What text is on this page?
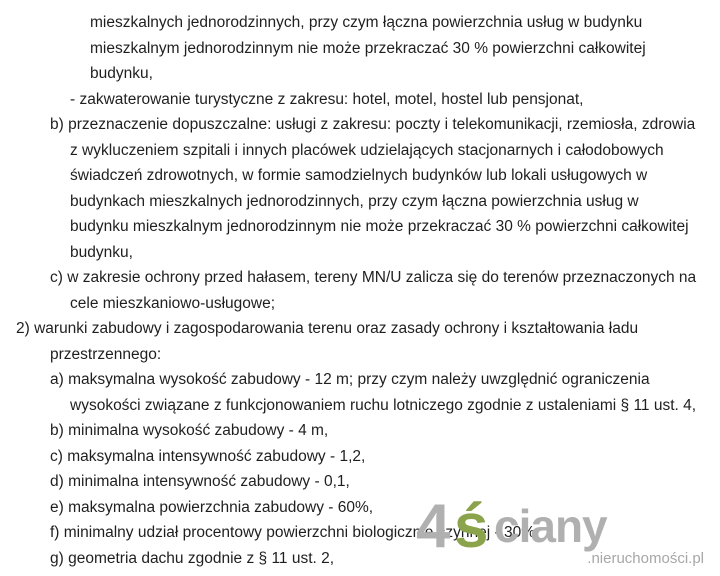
mieszkalnych jednorodzinnych, przy czym łączna powierzchnia usług w budynku
mieszkalnym jednorodzinnym nie może przekraczać 30 % powierzchni całkowitej
budynku,
- zakwaterowanie turystyczne z zakresu: hotel, motel, hostel lub pensjonat,
b) przeznaczenie dopuszczalne: usługi z zakresu: poczty i telekomunikacji, rzemiosła, zdrowia
z wykluczeniem szpitali i innych placówek udzielających stacjonarnych i całodobowych
świadczeń zdrowotnych, w formie samodzielnych budynków lub lokali usługowych w
budynkach mieszkalnych jednorodzinnych, przy czym łączna powierzchnia usług w
budynku mieszkalnym jednorodzinnym nie może przekraczać 30 % powierzchni całkowitej
budynku,
c) w zakresie ochrony przed hałasem, tereny MN/U zalicza się do terenów przeznaczonych na
cele mieszkaniowo-usługowe;
2) warunki zabudowy i zagospodarowania terenu oraz zasady ochrony i kształtowania ładu
przestrzennego:
a) maksymalna wysokość zabudowy - 12 m; przy czym należy uwzględnić ograniczenia
wysokości związane z funkcjonowaniem ruchu lotniczego zgodnie z ustaleniami § 11 ust. 4,
b) minimalna wysokość zabudowy - 4 m,
c) maksymalna intensywność zabudowy - 1,2,
d) minimalna intensywność zabudowy - 0,1,
e) maksymalna powierzchnia zabudowy - 60%,
f) minimalny udział procentowy powierzchni biologicznie czynnej - 30%,
g) geometria dachu zgodnie z § 11 ust. 2, 4 ś ciany
.nieruchomości.pl
